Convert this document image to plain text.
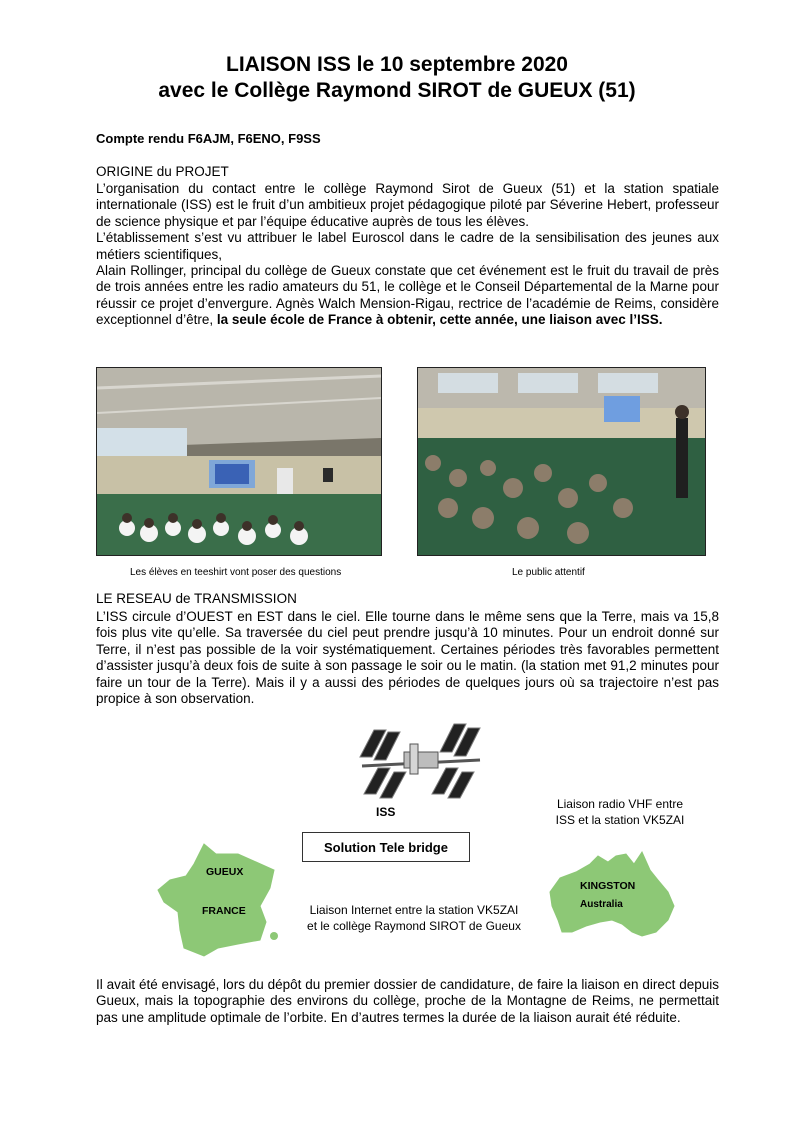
LIAISON ISS le 10 septembre 2020
avec le Collège Raymond SIROT de GUEUX (51)
Compte rendu F6AJM, F6ENO, F9SS
ORIGINE du PROJET

L’organisation du contact entre le collège Raymond Sirot de Gueux (51) et la station spatiale internationale (ISS) est le fruit d’un ambitieux projet pédagogique piloté par Séverine Hebert, professeur de science physique et par l’équipe éducative auprès de tous les élèves.

L’établissement s’est vu attribuer le label Euroscol dans le cadre de la sensibilisation des jeunes aux métiers scientifiques,

Alain Rollinger, principal du collège de Gueux constate que cet événement est le fruit du travail de près de trois années entre les radio amateurs du 51, le collège et le Conseil Départemental de la Marne pour réussir ce projet d’envergure. Agnès Walch Mension-Rigau, rectrice de l’académie de Reims, considère exceptionnel d’être, la seule école de France à obtenir, cette année, une liaison avec l’ISS.

Les élèves en teeshirt vont poser des questions	Le public attentif
LE RESEAU de TRANSMISSION
L’ISS circule d’OUEST en EST dans le ciel. Elle tourne dans le même sens que la Terre, mais va 15,8 fois plus vite qu’elle. Sa traversée du ciel peut prendre jusqu’à 10 minutes. Pour un endroit donné sur Terre, il n’est pas possible de la voir systématiquement. Certaines périodes très favorables permettent d’assister jusqu’à deux fois de suite à son passage le soir ou le matin. (la station met 91,2 minutes pour faire un tour de la Terre). Mais il y a aussi des périodes de quelques jours où sa trajectoire n’est pas propice à son observation.
ISS
Liaison radio VHF entre
ISS et la station VK5ZAI
Solution Tele bridge
GUEUX
FRANCE	Liaison Internet entre la station VK5ZAI
et le collège Raymond SIROT de Gueux
KINGSTON
Australia
Il avait été envisagé, lors du dépôt du premier dossier de candidature, de faire la liaison en direct depuis Gueux, mais la topographie des environs du collège, proche de la Montagne de Reims, ne permettait pas une amplitude optimale de l’orbite. En d’autres termes la durée de la liaison aurait été réduite.
